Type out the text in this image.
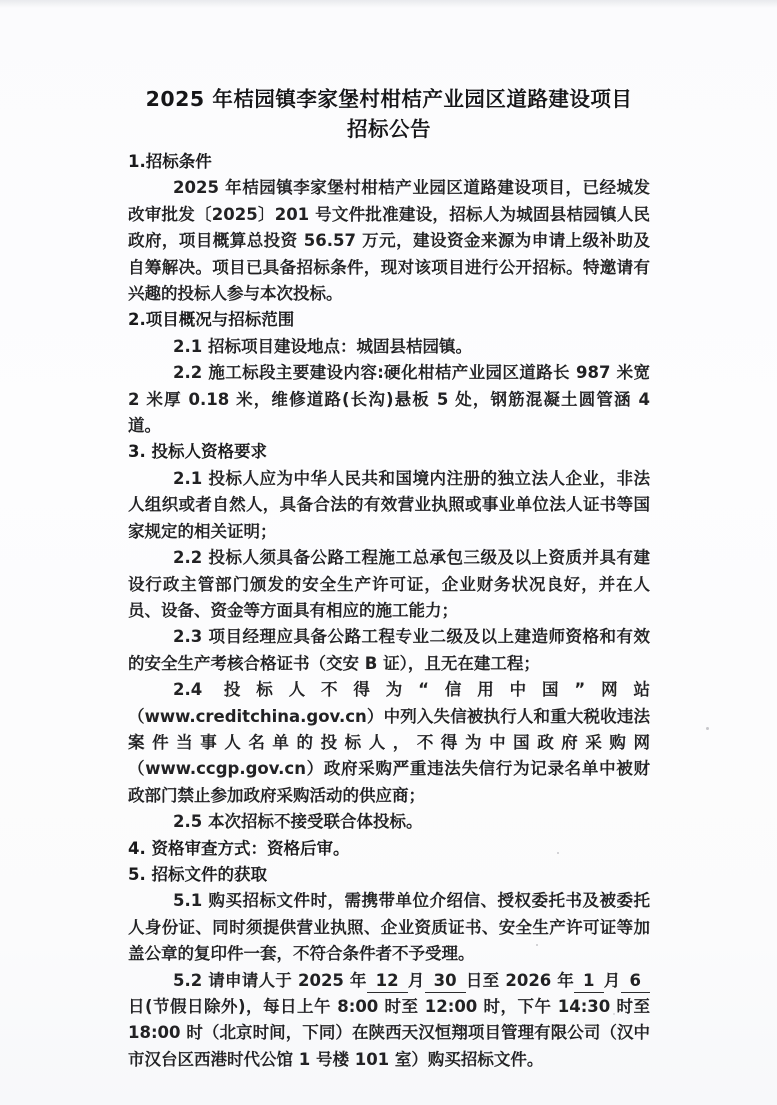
2025 年桔园镇李家堡村柑桔产业园区道路建设项目
招标公告
1.招标条件

2025 年桔园镇李家堡村柑桔产业园区道路建设项目，已经城发改审批发〔2025〕201 号文件批准建设，招标人为城固县桔园镇人民政府，项目概算总投资 56.57 万元，建设资金来源为申请上级补助及自筹解决。项目已具备招标条件，现对该项目进行公开招标。特邀请有兴趣的投标人参与本次投标。

2.项目概况与招标范围

2.1 招标项目建设地点：城固县桔园镇。

2.2 施工标段主要建设内容:硬化柑桔产业园区道路长 987 米宽 2 米厚 0.18 米，维修道路(长沟)悬板 5 处，钢筋混凝土圆管涵 4 道。

3. 投标人资格要求

2.1 投标人应为中华人民共和国境内注册的独立法人企业，非法人组织或者自然人，具备合法的有效营业执照或事业单位法人证书等国家规定的相关证明；

2.2 投标人须具备公路工程施工总承包三级及以上资质并具有建设行政主管部门颁发的安全生产许可证，企业财务状况良好，并在人员、设备、资金等方面具有相应的施工能力；

2.3 项目经理应具备公路工程专业二级及以上建造师资格和有效的安全生产考核合格证书（交安 B 证），且无在建工程；

2.4 投标人不得为“信用中国”网站（www.creditchina.gov.cn）中列入失信被执行人和重大税收违法案件当事人名单的投标人，不得为中国政府采购网（www.ccgp.gov.cn）政府采购严重违法失信行为记录名单中被财政部门禁止参加政府采购活动的供应商；

2.5 本次招标不接受联合体投标。

4. 资格审查方式：资格后审。
5. 招标文件的获取

5.1 购买招标文件时，需携带单位介绍信、授权委托书及被委托人身份证、同时须提供营业执照、企业资质证书、安全生产许可证等加盖公章的复印件一套，不符合条件者不予受理。

5.2 请申请人于 2025 年 12 月 30 日至 2026 年 1 月 6日(节假日除外)，每日上午 8:00 时至 12:00 时，下午 14:30 时至 18:00 时（北京时间，下同）在陕西天汉恒翔项目管理有限公司（汉中市汉台区西港时代公馆 1 号楼 101 室）购买招标文件。
